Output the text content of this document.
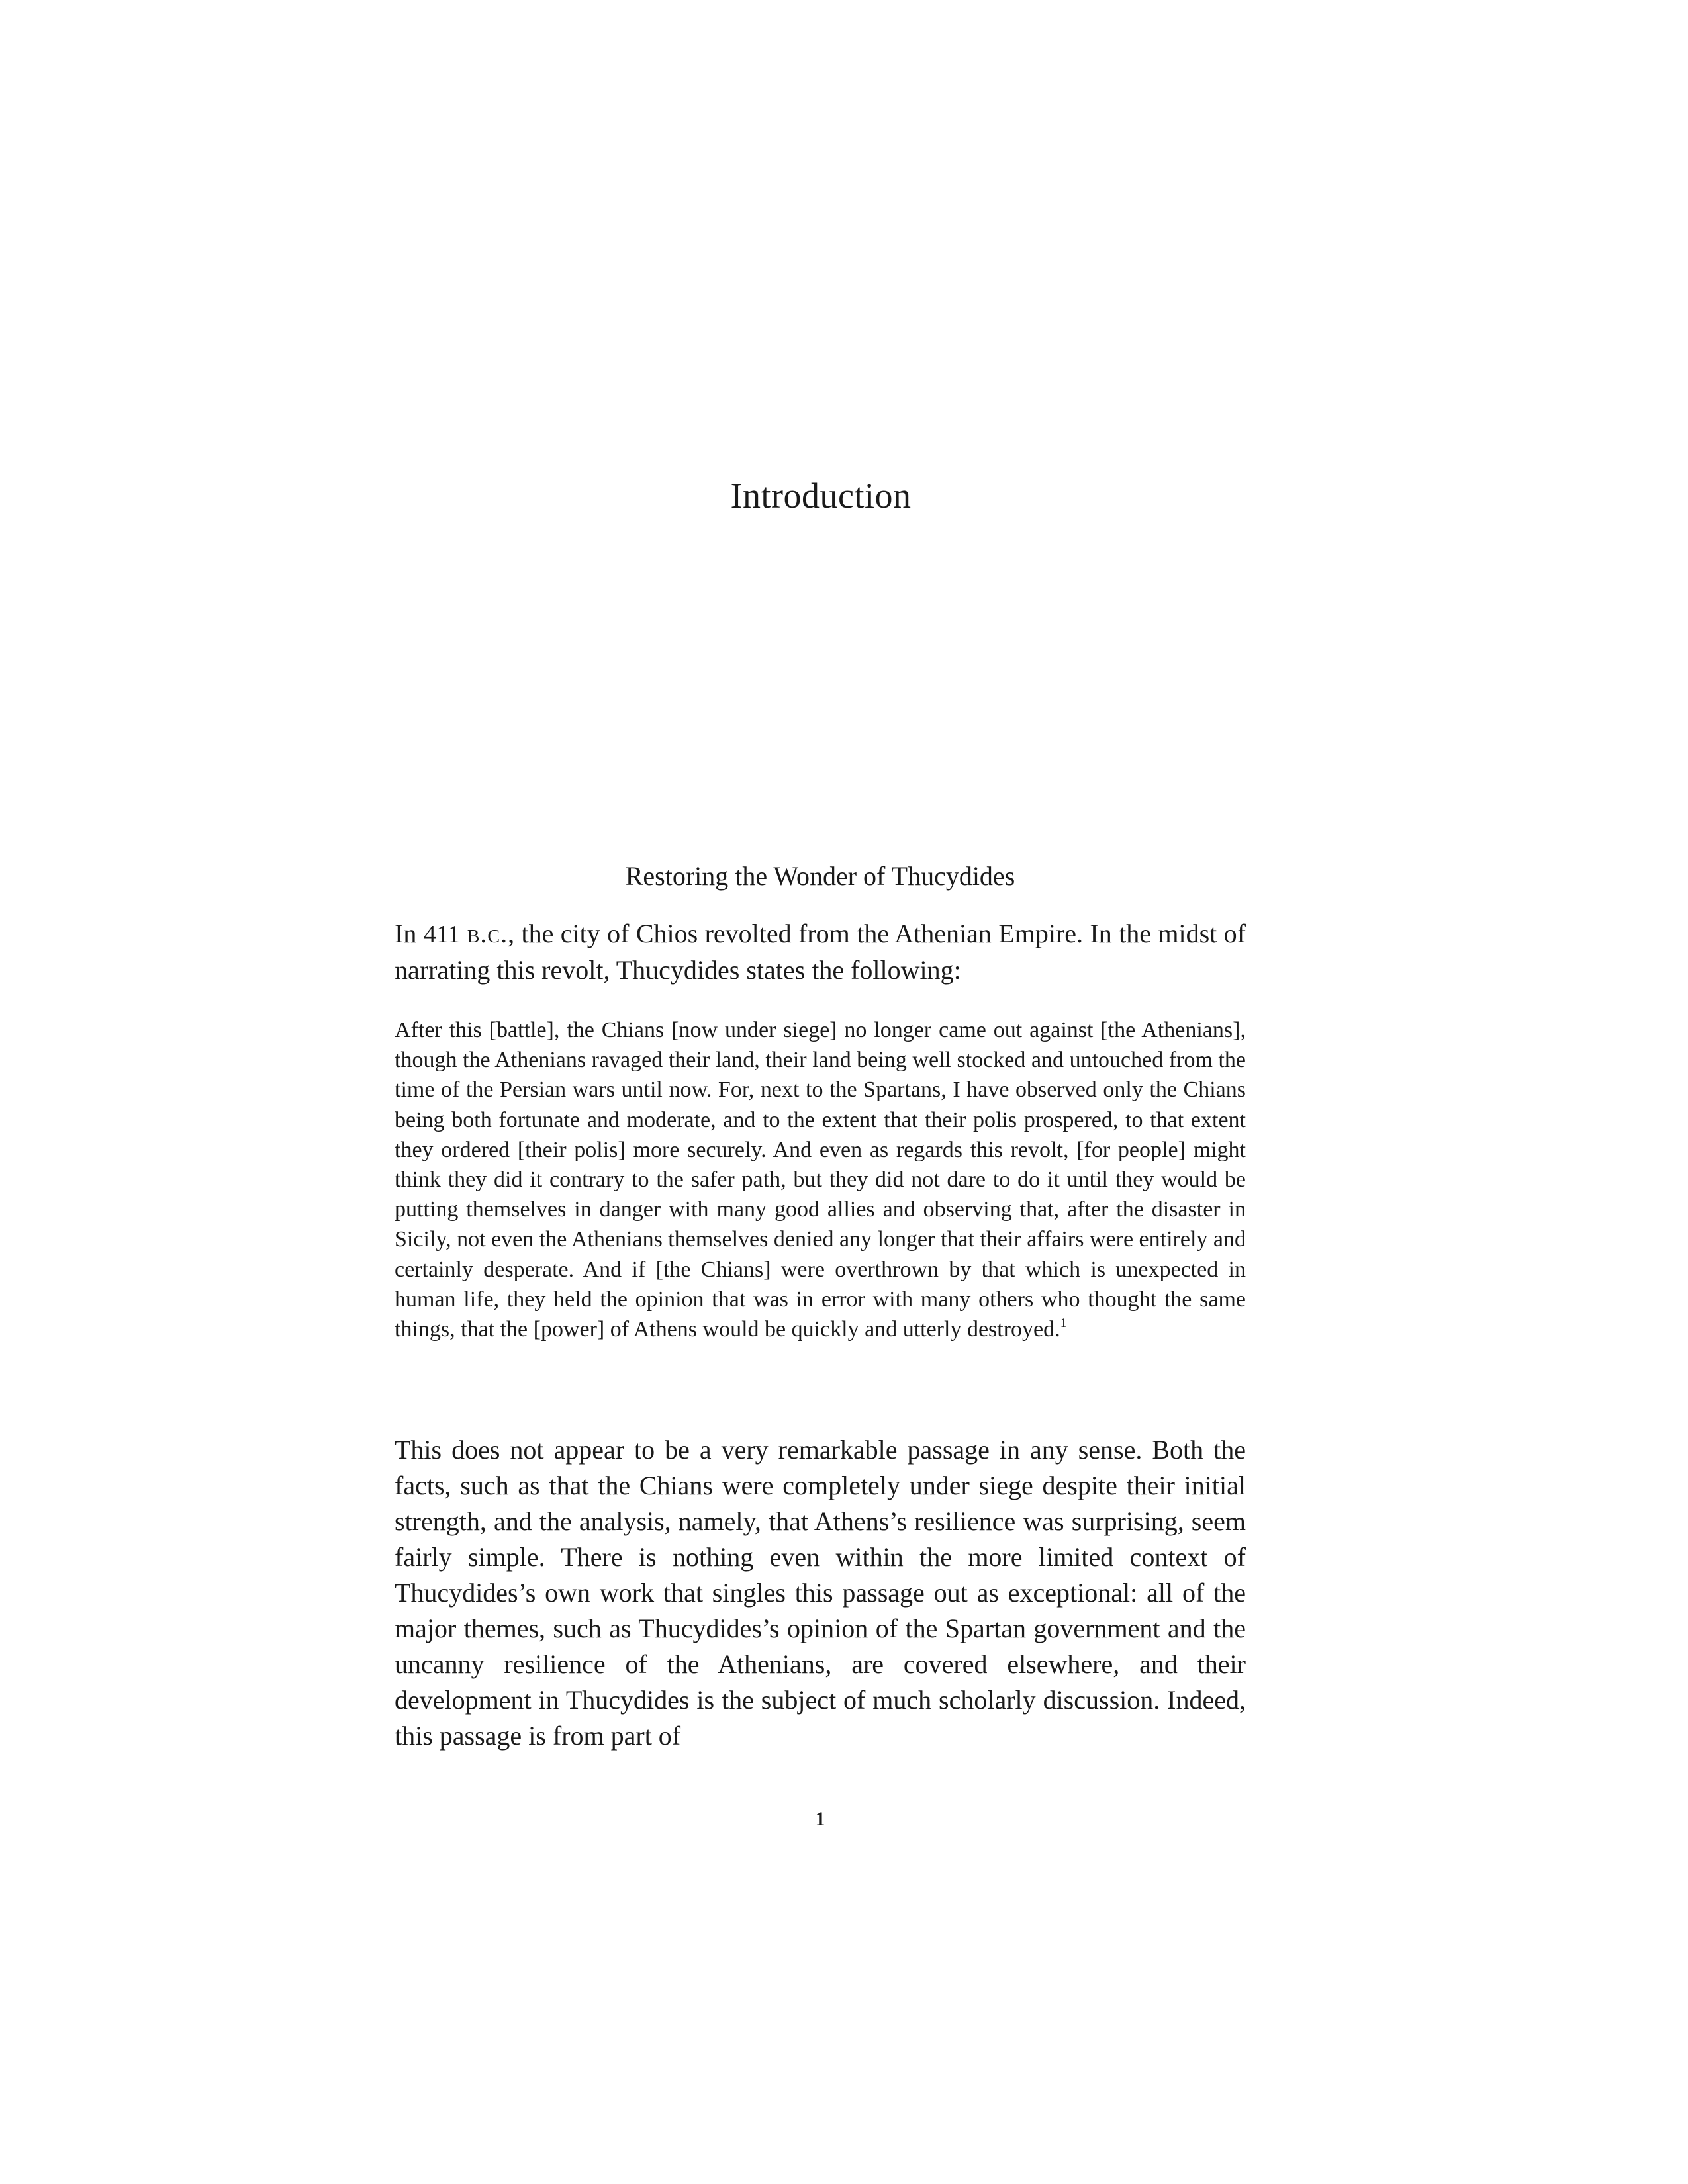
Introduction
Restoring the Wonder of Thucydides

In 411 b.c., the city of Chios revolted from the Athenian Empire. In the midst of narrating this revolt, Thucydides states the following:

After this [battle], the Chians [now under siege] no longer came out against [the Athenians], though the Athenians ravaged their land, their land being well stocked and untouched from the time of the Persian wars until now. For, next to the Spartans, I have observed only the Chians being both fortunate and moderate, and to the extent that their polis prospered, to that extent they ordered [their polis] more securely. And even as regards this revolt, [for people] might think they did it contrary to the safer path, but they did not dare to do it until they would be putting themselves in danger with many good allies and observing that, after the disaster in Sicily, not even the Athenians themselves denied any longer that their affairs were entirely and certainly desperate. And if [the Chians] were overthrown by that which is unexpected in human life, they held the opinion that was in error with many others who thought the same things, that the [power] of Athens would be quickly and utterly destroyed.$^1$

This does not appear to be a very remarkable passage in any sense. Both the facts, such as that the Chians were completely under siege despite their initial strength, and the analysis, namely, that Athens’s resilience was surprising, seem fairly simple. There is nothing even within the more limited context of Thucydides’s own work that singles this passage out as exceptional: all of the major themes, such as Thucydides’s opinion of the Spartan government and the uncanny resilience of the Athenians, are covered elsewhere, and their development in Thucydides is the subject of much scholarly discussion. Indeed, this passage is from part of

1
